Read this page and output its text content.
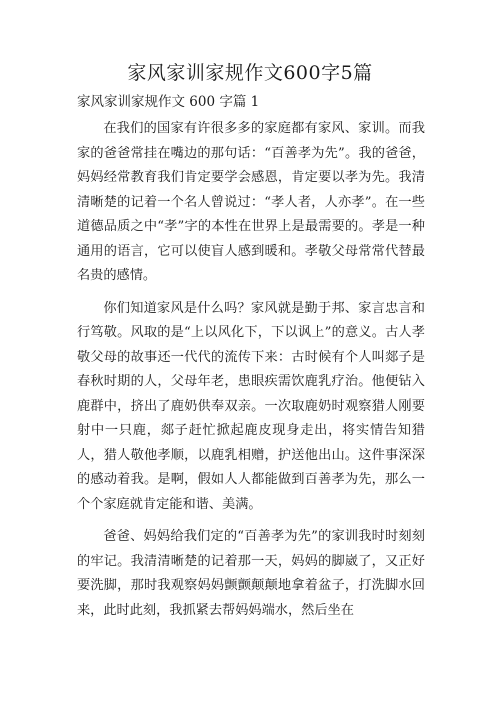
家风家训家规作文600字5篇
家风家训家规作文 600 字篇 1

在我们的国家有许很多多的家庭都有家风、家训。而我家的爸爸常挂在嘴边的那句话：“百善孝为先”。我的爸爸，妈妈经常教育我们肯定要学会感恩，肯定要以孝为先。我清清晰楚的记着一个名人曾说过：“孝人者，人亦孝”。在一些道德品质之中“孝”字的本性在世界上是最需要的。孝是一种通用的语言，它可以使盲人感到暖和。孝敬父母常常代替最名贵的感情。

你们知道家风是什么吗？家风就是勤于邦、家言忠言和行笃敬。风取的是“上以风化下，下以讽上”的意义。古人孝敬父母的故事还一代代的流传下来：古时候有个人叫郯子是春秋时期的人，父母年老，患眼疾需饮鹿乳疗治。他便钻入鹿群中，挤出了鹿奶供奉双亲。一次取鹿奶时观察猎人刚要射中一只鹿，郯子赶忙掀起鹿皮现身走出，将实情告知猎人，猎人敬他孝顺，以鹿乳相赠，护送他出山。这件事深深的感动着我。是啊，假如人人都能做到百善孝为先，那么一个个家庭就肯定能和谐、美满。

爸爸、妈妈给我们定的“百善孝为先”的家训我时时刻刻的牢记。我清清晰楚的记着那一天，妈妈的脚崴了，又正好要洗脚，那时我观察妈妈颤颤颠颠地拿着盆子，打洗脚水回来，此时此刻，我抓紧去帮妈妈端水，然后坐在
